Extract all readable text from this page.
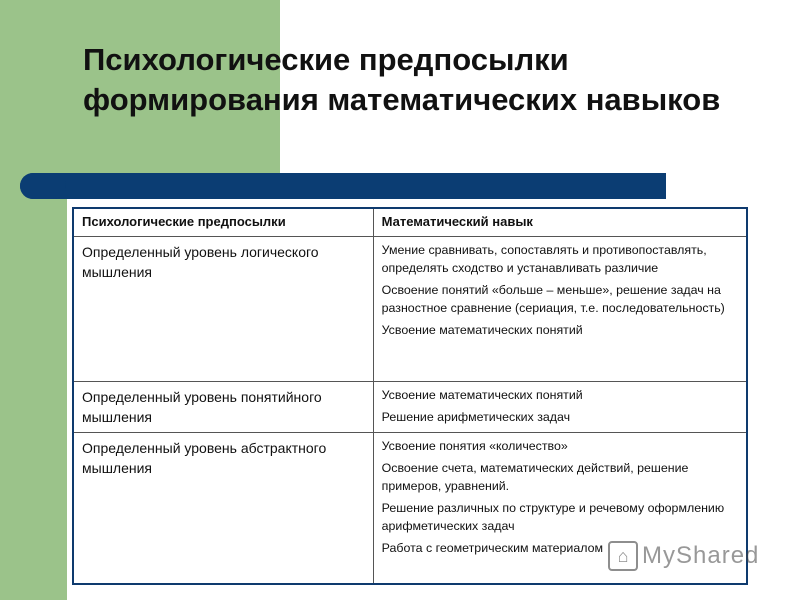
Психологические предпосылки формирования математических навыков
Психологические предпосылки	Математический навык
Определенный уровень логического мышления	Умение сравнивать, сопоставлять и противопоставлять, определять сходство и устанавливать различие

Освоение понятий «больше – меньше», решение задач на разностное сравнение (сериация, т.е. последовательность)

Усвоение математических понятий

Определенный уровень понятийного мышления	Усвоение математических понятий

Решение арифметических задач

Определенный уровень абстрактного мышления	Усвоение понятия «количество»

Освоение счета, математических действий, решение примеров, уравнений.

Решение различных по структуре и речевому оформлению арифметических задач

Работа с геометрическим материалом ⌂ MyShared
